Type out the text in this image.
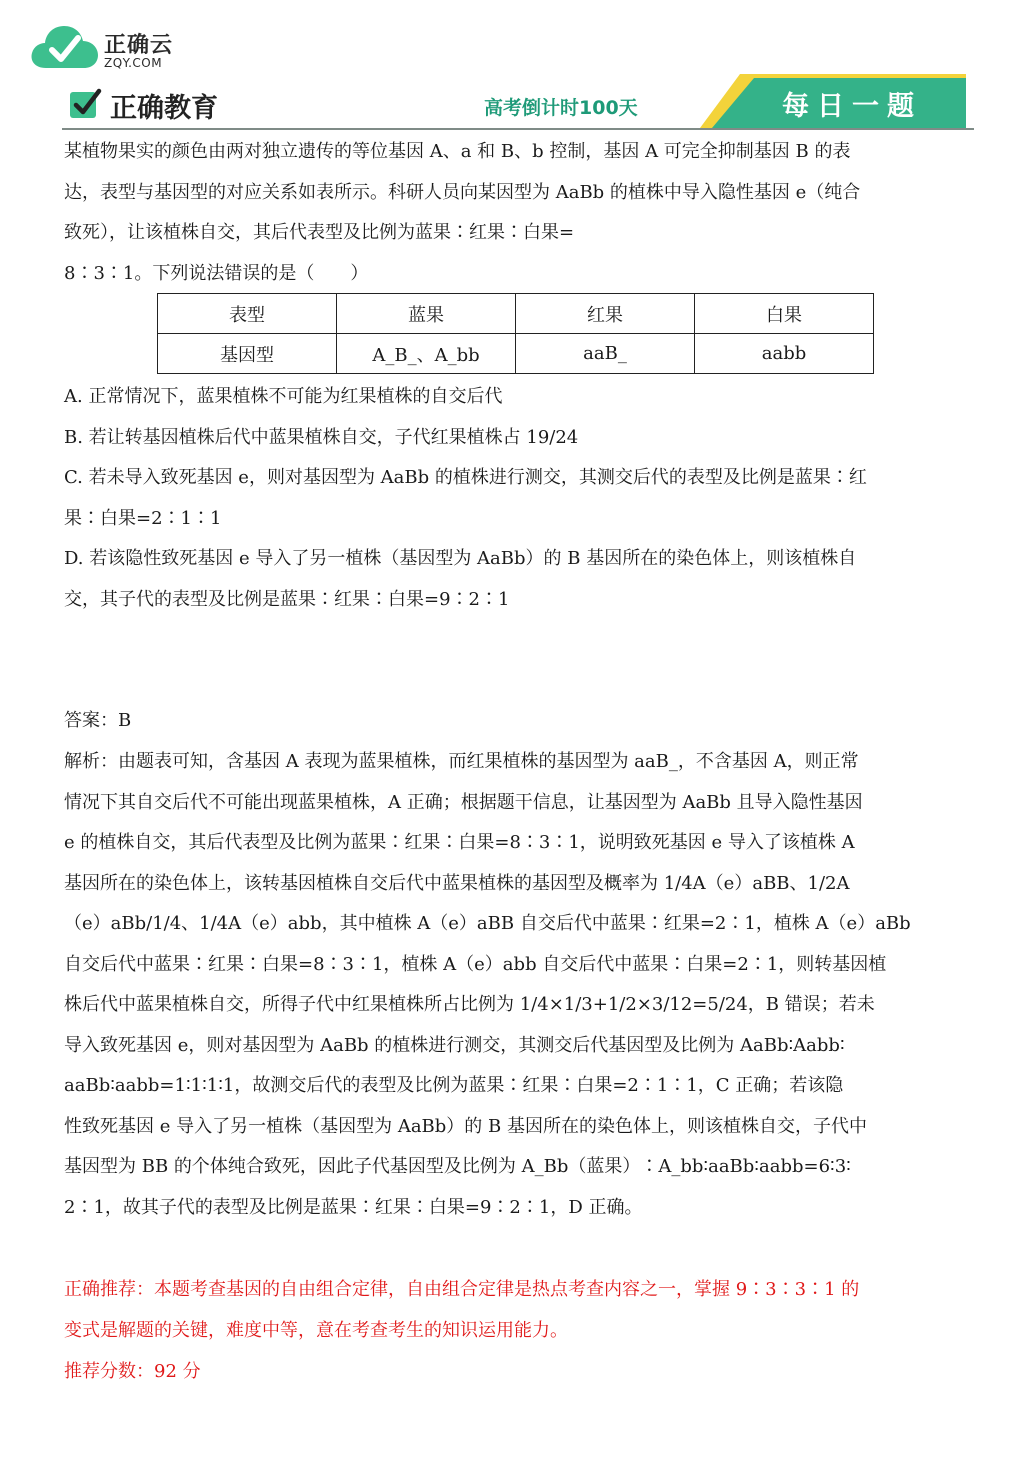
正确云
ZQY.COM
正确教育	高考倒计时100天	每日一题
某植物果实的颜色由两对独立遗传的等位基因 A、a 和 B、b 控制，基因 A 可完全抑制基因 B 的表
达，表型与基因型的对应关系如表所示。科研人员向某因型为 AaBb 的植株中导入隐性基因 e（纯合
致死），让该植株自交，其后代表型及比例为蓝果∶红果∶白果=
8∶3∶1。下列说法错误的是（　　）
表型	蓝果	红果	白果
基因型	A_B_、A_bb	aaB_	aabb
A. 正常情况下，蓝果植株不可能为红果植株的自交后代
B. 若让转基因植株后代中蓝果植株自交，子代红果植株占 19/24
C. 若未导入致死基因 e，则对基因型为 AaBb 的植株进行测交，其测交后代的表型及比例是蓝果∶红
果∶白果=2∶1∶1
D. 若该隐性致死基因 e 导入了另一植株（基因型为 AaBb）的 B 基因所在的染色体上，则该植株自
交，其子代的表型及比例是蓝果∶红果∶白果=9∶2∶1
答案：B
解析：由题表可知，含基因 A 表现为蓝果植株，而红果植株的基因型为 aaB_，不含基因 A，则正常
情况下其自交后代不可能出现蓝果植株，A 正确；根据题干信息，让基因型为 AaBb 且导入隐性基因
e 的植株自交，其后代表型及比例为蓝果∶红果∶白果=8∶3∶1，说明致死基因 e 导入了该植株 A
基因所在的染色体上，该转基因植株自交后代中蓝果植株的基因型及概率为 1/4A（e）aBB、1/2A
（e）aBb/1/4、1/4A（e）abb，其中植株 A（e）aBB 自交后代中蓝果∶红果=2∶1，植株 A（e）aBb
自交后代中蓝果∶红果∶白果=8∶3∶1，植株 A（e）abb 自交后代中蓝果∶白果=2∶1，则转基因植
株后代中蓝果植株自交，所得子代中红果植株所占比例为 1/4×1/3+1/2×3/12=5/24，B 错误；若未
导入致死基因 e，则对基因型为 AaBb 的植株进行测交，其测交后代基因型及比例为 AaBb∶Aabb∶
aaBb∶aabb=1∶1∶1∶1，故测交后代的表型及比例为蓝果∶红果∶白果=2∶1∶1，C 正确；若该隐
性致死基因 e 导入了另一植株（基因型为 AaBb）的 B 基因所在的染色体上，则该植株自交，子代中
基因型为 BB 的个体纯合致死，因此子代基因型及比例为 A_Bb（蓝果）∶A_bb∶aaBb∶aabb=6∶3∶
2∶1，故其子代的表型及比例是蓝果∶红果∶白果=9∶2∶1，D 正确。
正确推荐：本题考查基因的自由组合定律，自由组合定律是热点考查内容之一，掌握 9∶3∶3∶1 的
变式是解题的关键，难度中等，意在考查考生的知识运用能力。
推荐分数：92 分
